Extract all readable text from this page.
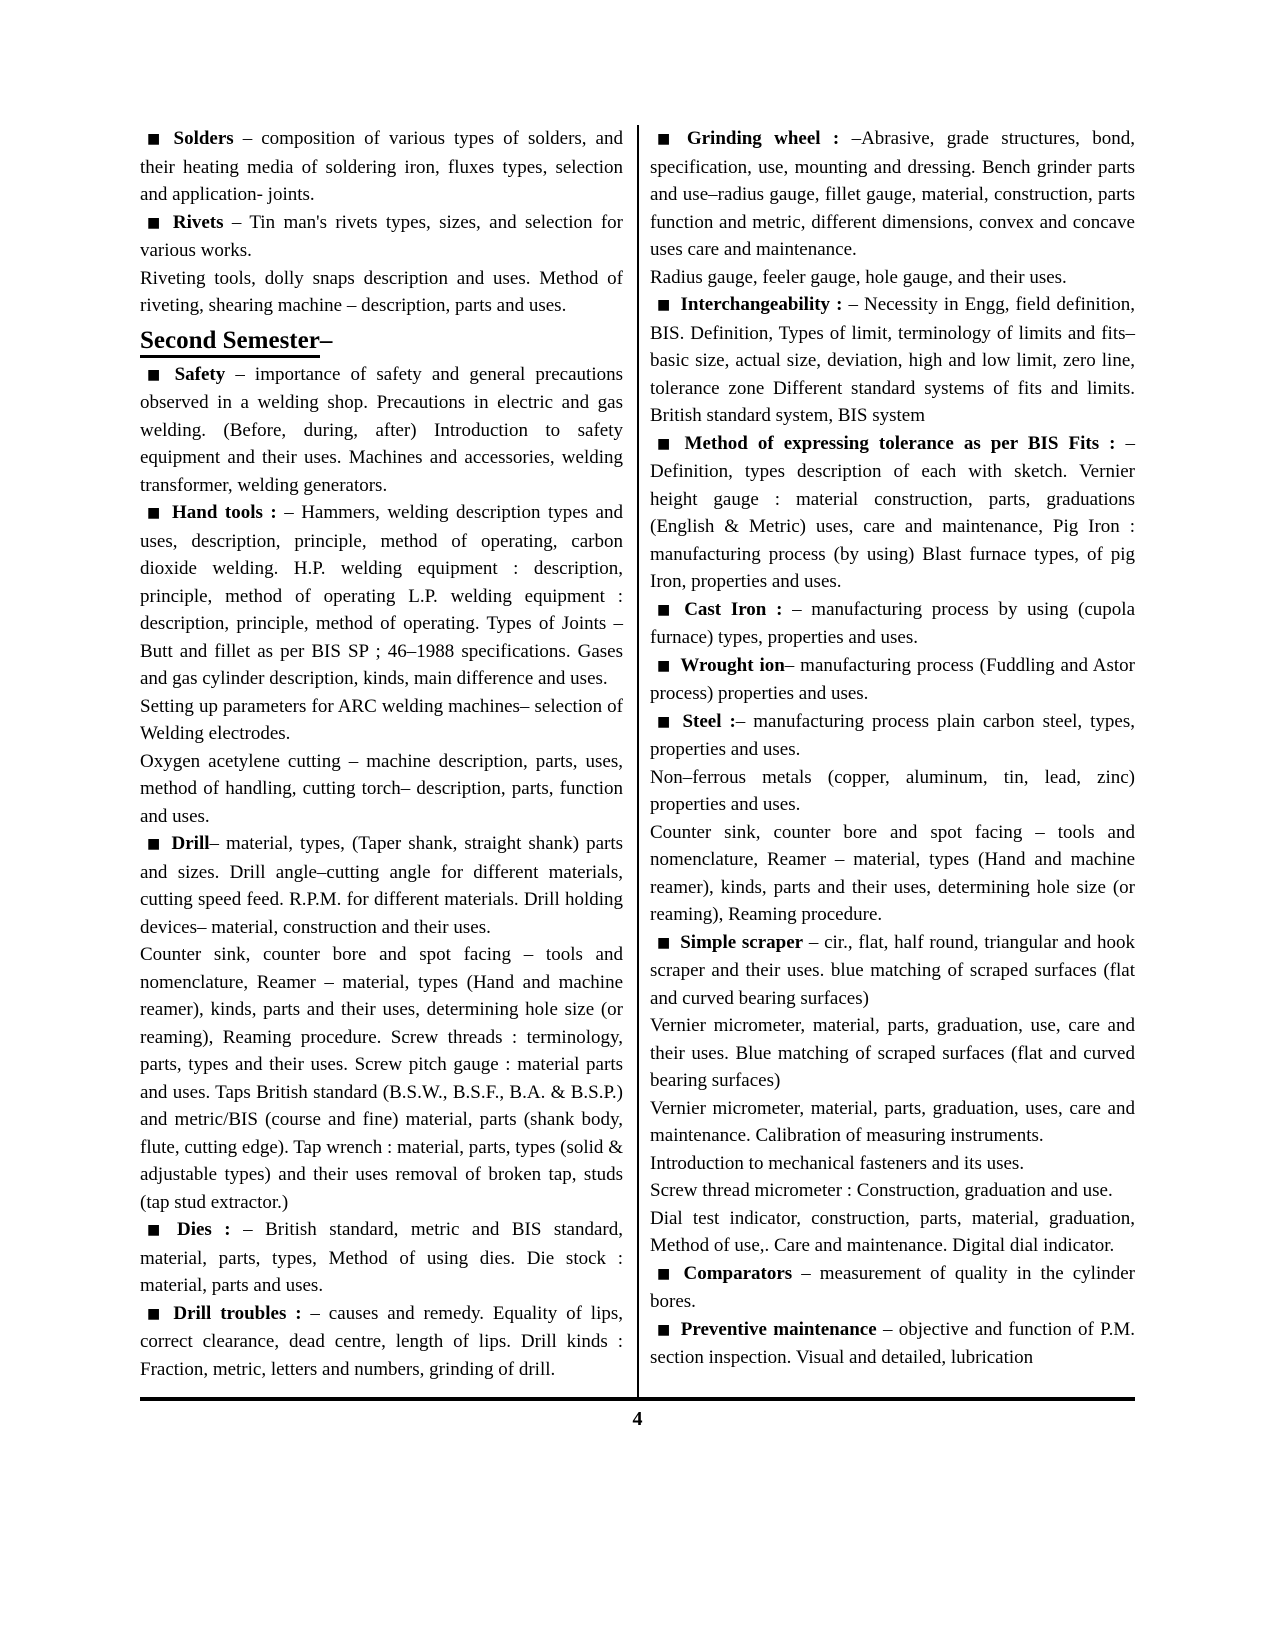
■ Solders – composition of various types of solders, and their heating media of soldering iron, fluxes types, selection and application- joints.

■ Rivets – Tin man's rivets types, sizes, and selection for various works.

Riveting tools, dolly snaps description and uses. Method of riveting, shearing machine – description, parts and uses.

Second Semester–

■ Safety – importance of safety and general precautions observed in a welding shop. Precautions in electric and gas welding. (Before, during, after) Introduction to safety equipment and their uses. Machines and accessories, welding transformer, welding generators.

■ Hand tools : – Hammers, welding description types and uses, description, principle, method of operating, carbon dioxide welding. H.P. welding equipment : description, principle, method of operating L.P. welding equipment : description, principle, method of operating. Types of Joints – Butt and fillet as per BIS SP ; 46–1988 specifications. Gases and gas cylinder description, kinds, main difference and uses.

Setting up parameters for ARC welding machines– selection of Welding electrodes.

Oxygen acetylene cutting – machine description, parts, uses, method of handling, cutting torch– description, parts, function and uses.

■ Drill– material, types, (Taper shank, straight shank) parts and sizes. Drill angle–cutting angle for different materials, cutting speed feed. R.P.M. for different materials. Drill holding devices– material, construction and their uses.

Counter sink, counter bore and spot facing – tools and nomenclature, Reamer – material, types (Hand and machine reamer), kinds, parts and their uses, determining hole size (or reaming), Reaming procedure. Screw threads : terminology, parts, types and their uses. Screw pitch gauge : material parts and uses. Taps British standard (B.S.W., B.S.F., B.A. & B.S.P.) and metric/BIS (course and fine) material, parts (shank body, flute, cutting edge). Tap wrench : material, parts, types (solid & adjustable types) and their uses removal of broken tap, studs (tap stud extractor.)

■ Dies : – British standard, metric and BIS standard, material, parts, types, Method of using dies. Die stock : material, parts and uses.

■ Drill troubles : – causes and remedy. Equality of lips, correct clearance, dead centre, length of lips. Drill kinds : Fraction, metric, letters and numbers, grinding of drill.

■ Grinding wheel : –Abrasive, grade structures, bond, specification, use, mounting and dressing. Bench grinder parts and use–radius gauge, fillet gauge, material, construction, parts function and metric, different dimensions, convex and concave uses care and maintenance.

Radius gauge, feeler gauge, hole gauge, and their uses.

■ Interchangeability : – Necessity in Engg, field definition, BIS. Definition, Types of limit, terminology of limits and fits–basic size, actual size, deviation, high and low limit, zero line, tolerance zone Different standard systems of fits and limits. British standard system, BIS system

■ Method of expressing tolerance as per BIS Fits : – Definition, types description of each with sketch. Vernier height gauge : material construction, parts, graduations (English & Metric) uses, care and maintenance, Pig Iron : manufacturing process (by using) Blast furnace types, of pig Iron, properties and uses.

■ Cast Iron : – manufacturing process by using (cupola furnace) types, properties and uses.

■ Wrought ion– manufacturing process (Fuddling and Astor process) properties and uses.

■ Steel :– manufacturing process plain carbon steel, types, properties and uses.

Non–ferrous metals (copper, aluminum, tin, lead, zinc) properties and uses.

Counter sink, counter bore and spot facing – tools and nomenclature, Reamer – material, types (Hand and machine reamer), kinds, parts and their uses, determining hole size (or reaming), Reaming procedure.

■ Simple scraper – cir., flat, half round, triangular and hook scraper and their uses. blue matching of scraped surfaces (flat and curved bearing surfaces)

Vernier micrometer, material, parts, graduation, use, care and their uses. Blue matching of scraped surfaces (flat and curved bearing surfaces)

Vernier micrometer, material, parts, graduation, uses, care and maintenance. Calibration of measuring instruments.

Introduction to mechanical fasteners and its uses.

Screw thread micrometer : Construction, graduation and use.

Dial test indicator, construction, parts, material, graduation, Method of use,. Care and maintenance. Digital dial indicator.

■ Comparators – measurement of quality in the cylinder bores.

■ Preventive maintenance – objective and function of P.M. section inspection. Visual and detailed, lubrication

4
